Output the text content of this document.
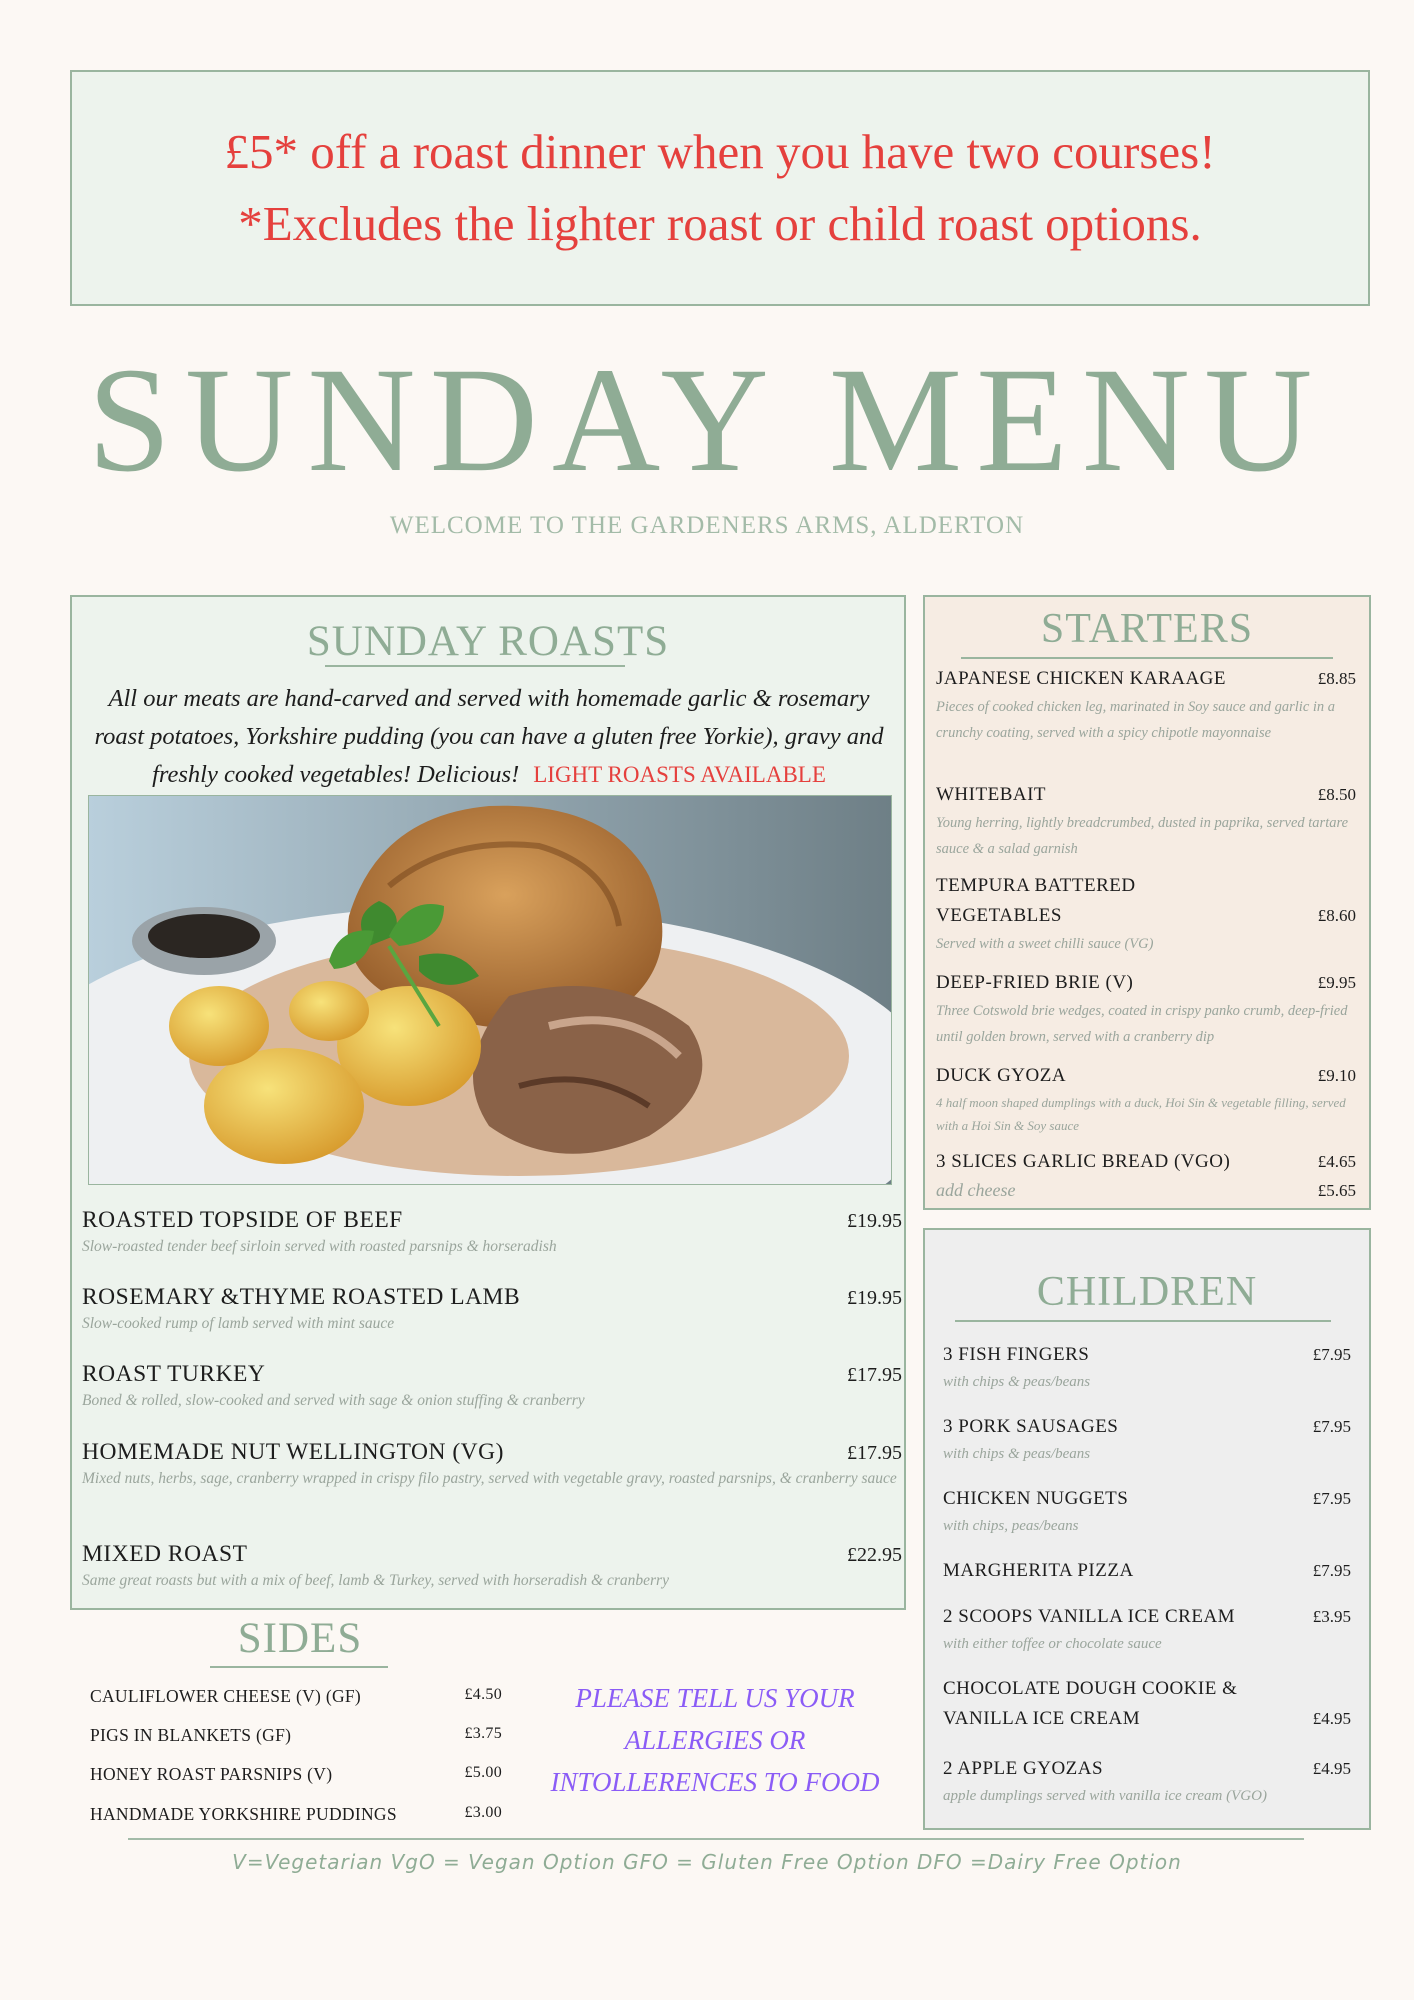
£5* off a roast dinner when you have two courses!
*Excludes the lighter roast or child roast options.
SUNDAY MENU
WELCOME TO THE GARDENERS ARMS, ALDERTON
SUNDAY ROASTS
All our meats are hand-carved and served with homemade garlic & rosemary roast potatoes, Yorkshire pudding (you can have a gluten free Yorkie), gravy and freshly cooked vegetables! Delicious! LIGHT ROASTS AVAILABLE
ROASTED TOPSIDE OF BEEF	£19.95
Slow-roasted tender beef sirloin served with roasted parsnips & horseradish
ROSEMARY &THYME ROASTED LAMB	£19.95
Slow-cooked rump of lamb served with mint sauce
ROAST TURKEY	£17.95
Boned & rolled, slow-cooked and served with sage & onion stuffing & cranberry
HOMEMADE NUT WELLINGTON (VG)	£17.95
Mixed nuts, herbs, sage, cranberry wrapped in crispy filo pastry, served with vegetable gravy, roasted parsnips, & cranberry sauce
MIXED ROAST	£22.95
Same great roasts but with a mix of beef, lamb & Turkey, served with horseradish & cranberry
STARTERS
JAPANESE CHICKEN KARAAGE	£8.85
Pieces of cooked chicken leg, marinated in Soy sauce and garlic in a crunchy coating, served with a spicy chipotle mayonnaise
WHITEBAIT	£8.50
Young herring, lightly breadcrumbed, dusted in paprika, served tartare sauce & a salad garnish
TEMPURA BATTERED
VEGETABLES	£8.60
Served with a sweet chilli sauce (VG)
DEEP-FRIED BRIE (V)	£9.95
Three Cotswold brie wedges, coated in crispy panko crumb, deep-fried until golden brown, served with a cranberry dip
DUCK GYOZA	£9.10
4 half moon shaped dumplings with a duck, Hoi Sin & vegetable filling, served with a Hoi Sin & Soy sauce
3 SLICES GARLIC BREAD (VGO)	£4.65
add cheese	£5.65
CHILDREN
3 FISH FINGERS	£7.95
with chips & peas/beans
3 PORK SAUSAGES	£7.95
with chips & peas/beans
CHICKEN NUGGETS	£7.95
with chips, peas/beans
MARGHERITA PIZZA	£7.95
2 SCOOPS VANILLA ICE CREAM	£3.95
with either toffee or chocolate sauce
CHOCOLATE DOUGH COOKIE &
VANILLA ICE CREAM	£4.95
2 APPLE GYOZAS	£4.95
apple dumplings served with vanilla ice cream (VGO)
SIDES
CAULIFLOWER CHEESE (V) (GF)	£4.50
PIGS IN BLANKETS (GF)	£3.75
HONEY ROAST PARSNIPS (V)	£5.00
HANDMADE YORKSHIRE PUDDINGS	£3.00
PLEASE TELL US YOUR
ALLERGIES OR
INTOLLERENCES TO FOOD
V=Vegetarian VgO = Vegan Option GFO = Gluten Free Option DFO =Dairy Free Option
